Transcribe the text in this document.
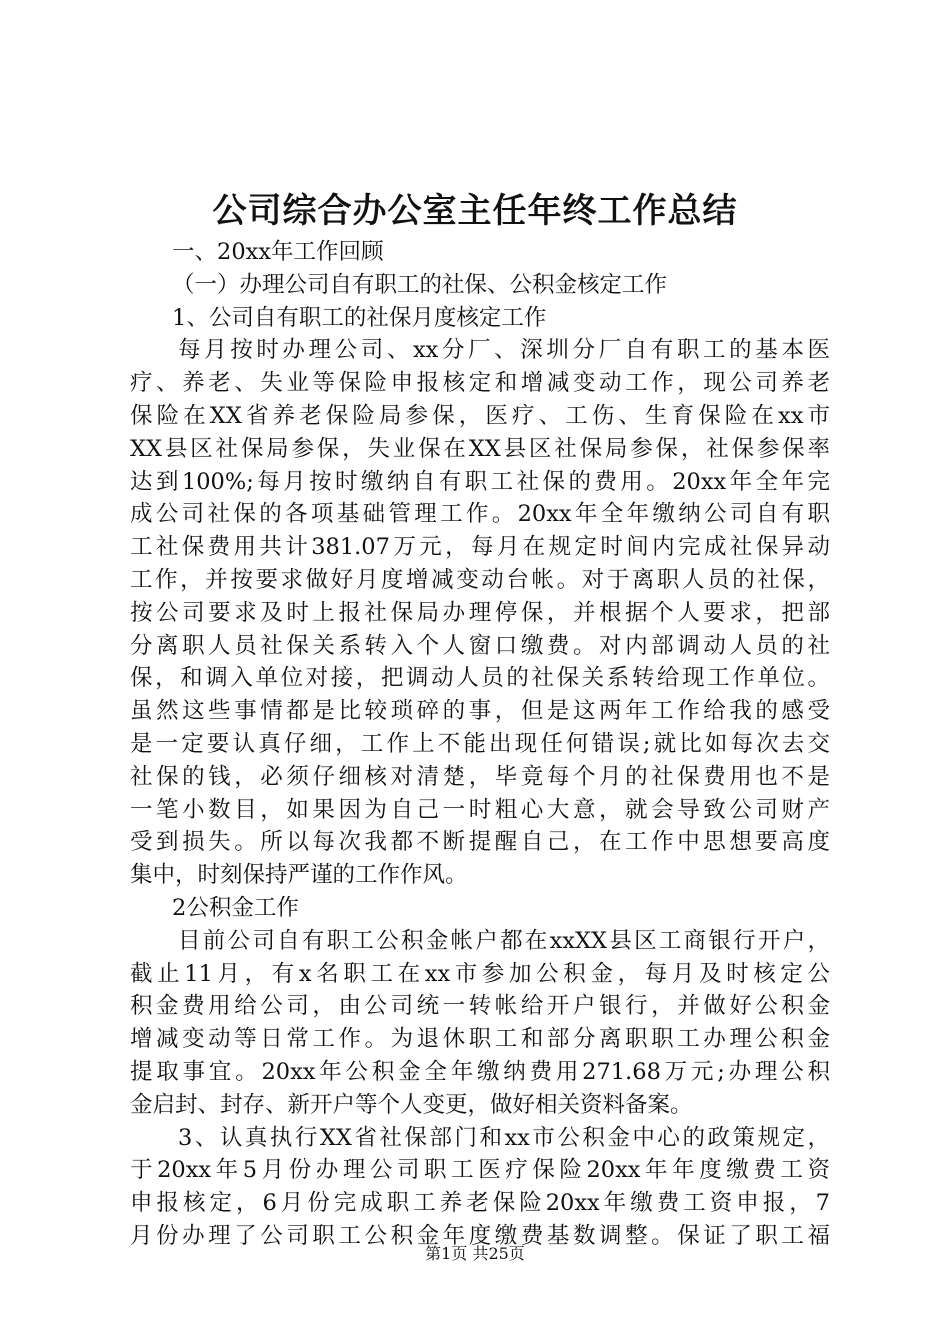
公司综合办公室主任年终工作总结
一、20xx年工作回顾
（一）办理公司自有职工的社保、公积金核定工作
1、公司自有职工的社保月度核定工作
每月按时办理公司、xx分厂、深圳分厂自有职工的基本医
疗、养老、失业等保险申报核定和增减变动工作，现公司养老
保险在XX省养老保险局参保，医疗、工伤、生育保险在xx市
XX县区社保局参保，失业保在XX县区社保局参保，社保参保率
达到100%;每月按时缴纳自有职工社保的费用。20xx年全年完
成公司社保的各项基础管理工作。20xx年全年缴纳公司自有职
工社保费用共计381.07万元，每月在规定时间内完成社保异动
工作，并按要求做好月度增减变动台帐。对于离职人员的社保，
按公司要求及时上报社保局办理停保，并根据个人要求，把部
分离职人员社保关系转入个人窗口缴费。对内部调动人员的社
保，和调入单位对接，把调动人员的社保关系转给现工作单位。
虽然这些事情都是比较琐碎的事，但是这两年工作给我的感受
是一定要认真仔细，工作上不能出现任何错误;就比如每次去交
社保的钱，必须仔细核对清楚，毕竟每个月的社保费用也不是
一笔小数目，如果因为自己一时粗心大意，就会导致公司财产
受到损失。所以每次我都不断提醒自己，在工作中思想要高度
集中，时刻保持严谨的工作作风。
2公积金工作
目前公司自有职工公积金帐户都在xxXX县区工商银行开户，
截止11月，有x名职工在xx市参加公积金，每月及时核定公
积金费用给公司，由公司统一转帐给开户银行，并做好公积金
增减变动等日常工作。为退休职工和部分离职职工办理公积金
提取事宜。20xx年公积金全年缴纳费用271.68万元;办理公积
金启封、封存、新开户等个人变更，做好相关资料备案。
3、认真执行XX省社保部门和xx市公积金中心的政策规定，
于20xx年5月份办理公司职工医疗保险20xx年年度缴费工资
申报核定，6月份完成职工养老保险20xx年缴费工资申报，7
月份办理了公司职工公积金年度缴费基数调整。保证了职工福
第1页 共25页
